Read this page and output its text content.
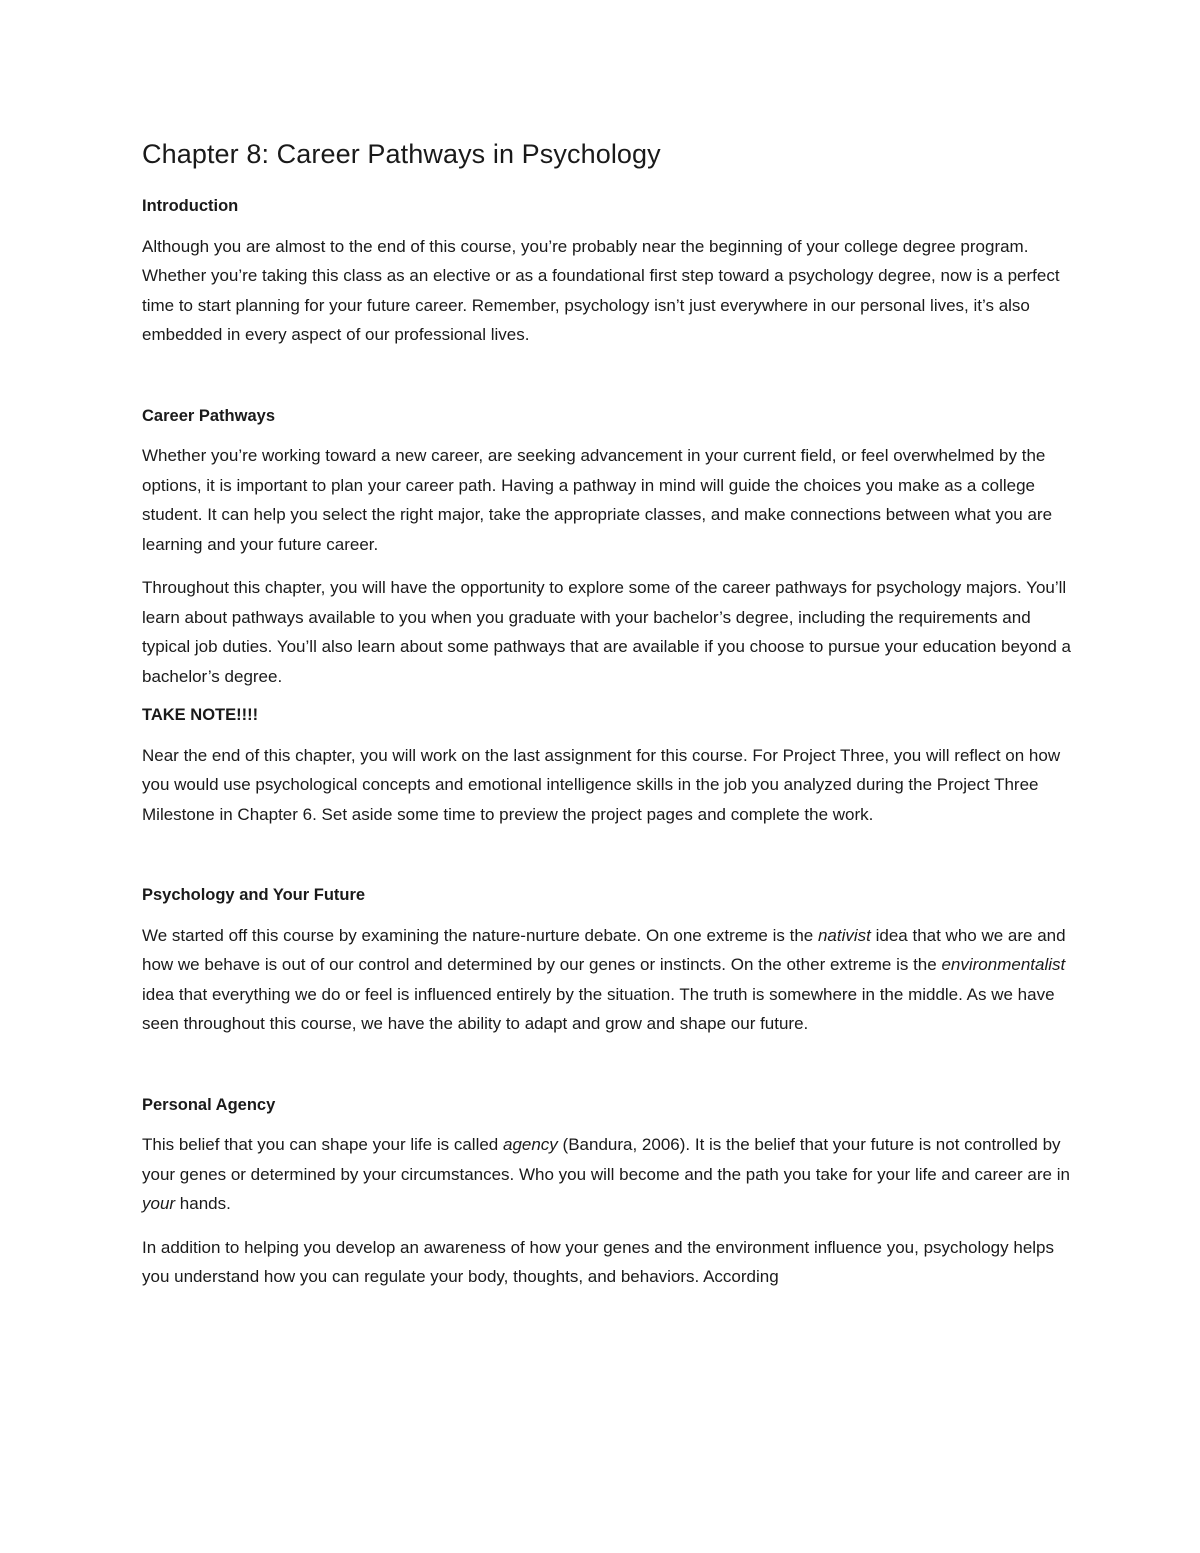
Chapter 8: Career Pathways in Psychology
Introduction

Although you are almost to the end of this course, you’re probably near the beginning of your college degree program. Whether you’re taking this class as an elective or as a foundational first step toward a psychology degree, now is a perfect time to start planning for your future career. Remember, psychology isn’t just everywhere in our personal lives, it’s also embedded in every aspect of our professional lives.

Career Pathways

Whether you’re working toward a new career, are seeking advancement in your current field, or feel overwhelmed by the options, it is important to plan your career path. Having a pathway in mind will guide the choices you make as a college student. It can help you select the right major, take the appropriate classes, and make connections between what you are learning and your future career.

Throughout this chapter, you will have the opportunity to explore some of the career pathways for psychology majors. You’ll learn about pathways available to you when you graduate with your bachelor’s degree, including the requirements and typical job duties. You’ll also learn about some pathways that are available if you choose to pursue your education beyond a bachelor’s degree.

TAKE NOTE!!!!

Near the end of this chapter, you will work on the last assignment for this course. For Project Three, you will reflect on how you would use psychological concepts and emotional intelligence skills in the job you analyzed during the Project Three Milestone in Chapter 6. Set aside some time to preview the project pages and complete the work.

Psychology and Your Future

We started off this course by examining the nature-nurture debate. On one extreme is the nativist idea that who we are and how we behave is out of our control and determined by our genes or instincts. On the other extreme is the environmentalist idea that everything we do or feel is influenced entirely by the situation. The truth is somewhere in the middle. As we have seen throughout this course, we have the ability to adapt and grow and shape our future.

Personal Agency

This belief that you can shape your life is called agency (Bandura, 2006). It is the belief that your future is not controlled by your genes or determined by your circumstances. Who you will become and the path you take for your life and career are in your hands.

In addition to helping you develop an awareness of how your genes and the environment influence you, psychology helps you understand how you can regulate your body, thoughts, and behaviors. According
